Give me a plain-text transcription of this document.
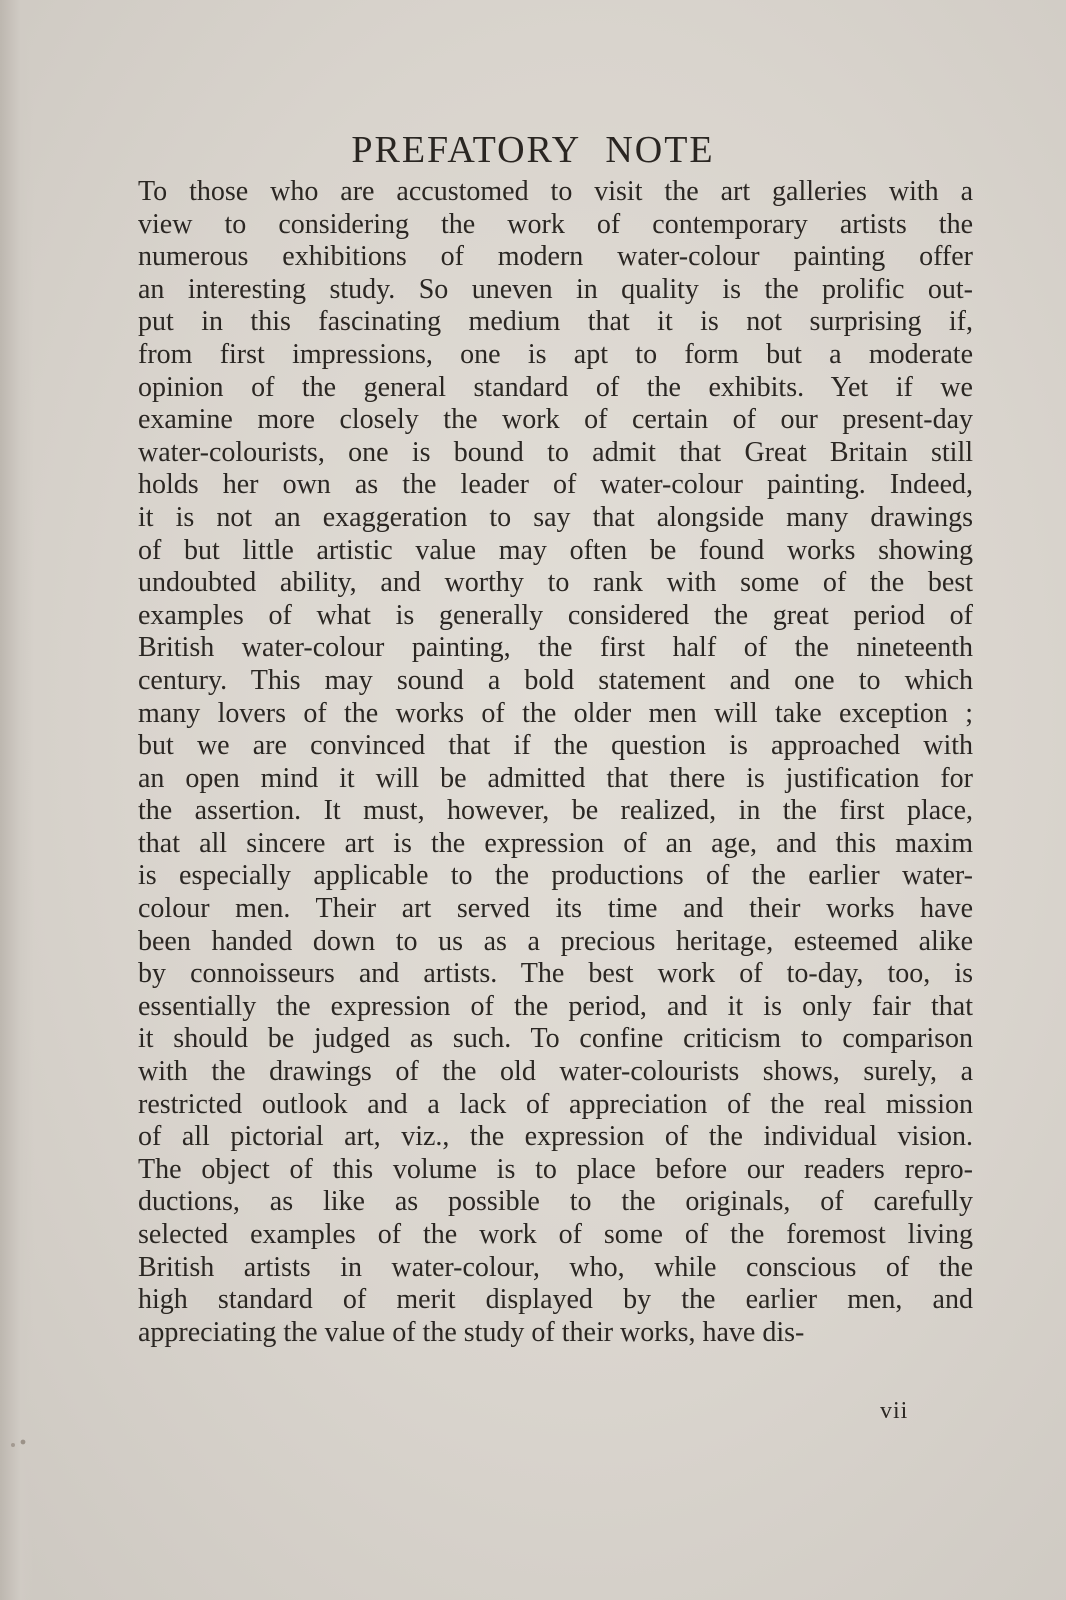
PREFATORY NOTE
To those who are accustomed to visit the art galleries with a
view to considering the work of contemporary artists the
numerous exhibitions of modern water-colour painting offer
an interesting study. So uneven in quality is the prolific out-
put in this fascinating medium that it is not surprising if,
from first impressions, one is apt to form but a moderate
opinion of the general standard of the exhibits. Yet if we
examine more closely the work of certain of our present-day
water-colourists, one is bound to admit that Great Britain still
holds her own as the leader of water-colour painting. Indeed,
it is not an exaggeration to say that alongside many drawings
of but little artistic value may often be found works showing
undoubted ability, and worthy to rank with some of the best
examples of what is generally considered the great period of
British water-colour painting, the first half of the nineteenth
century. This may sound a bold statement and one to which
many lovers of the works of the older men will take exception ;
but we are convinced that if the question is approached with
an open mind it will be admitted that there is justification for
the assertion. It must, however, be realized, in the first place,
that all sincere art is the expression of an age, and this maxim
is especially applicable to the productions of the earlier water-
colour men. Their art served its time and their works have
been handed down to us as a precious heritage, esteemed alike
by connoisseurs and artists. The best work of to-day, too, is
essentially the expression of the period, and it is only fair that
it should be judged as such. To confine criticism to comparison
with the drawings of the old water-colourists shows, surely, a
restricted outlook and a lack of appreciation of the real mission
of all pictorial art, viz., the expression of the individual vision.
The object of this volume is to place before our readers repro-
ductions, as like as possible to the originals, of carefully
selected examples of the work of some of the foremost living
British artists in water-colour, who, while conscious of the
high standard of merit displayed by the earlier men, and
appreciating the value of the study of their works, have dis-
vii
